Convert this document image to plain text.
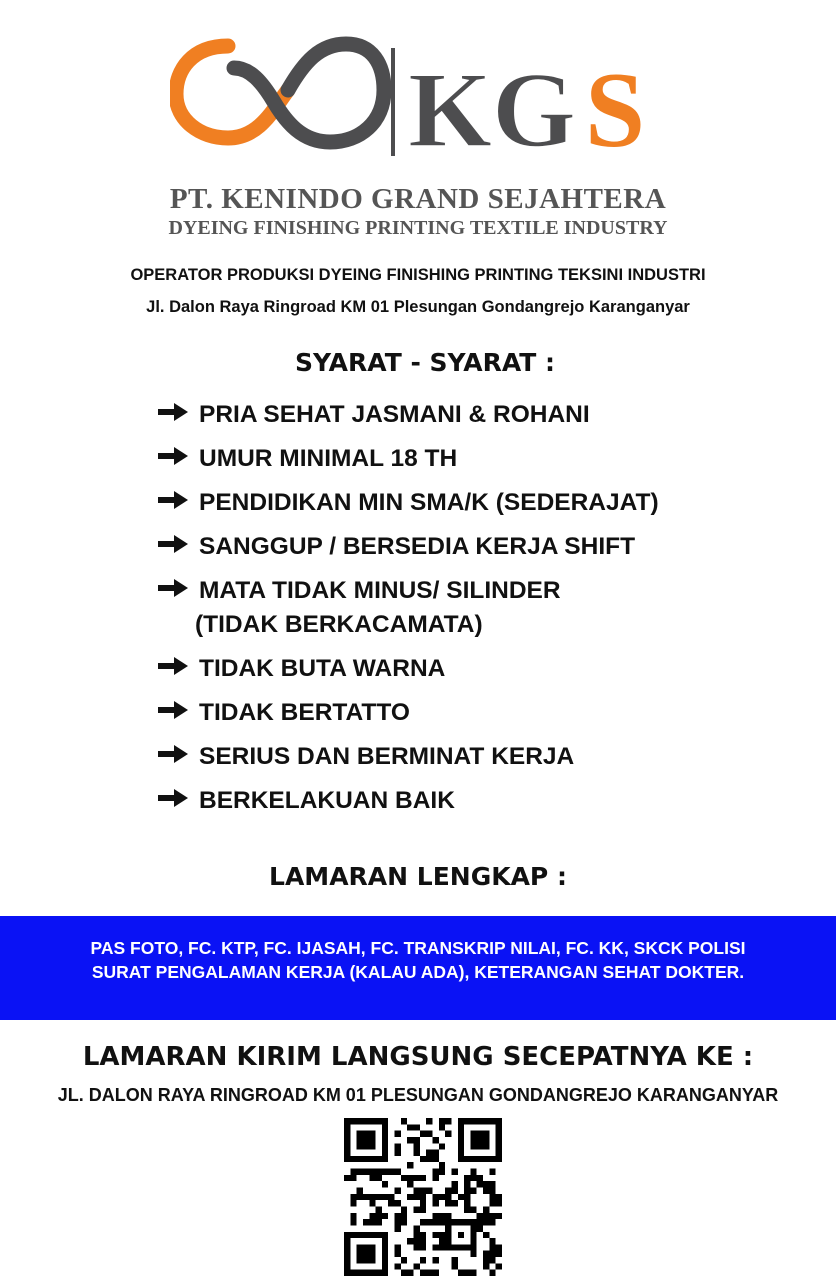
KG S
PT. KENINDO GRAND SEJAHTERA
DYEING FINISHING PRINTING TEXTILE INDUSTRY
OPERATOR PRODUKSI DYEING FINISHING PRINTING TEKSINI INDUSTRI
Jl. Dalon Raya Ringroad KM 01 Plesungan Gondangrejo Karanganyar
SYARAT - SYARAT :
PRIA SEHAT JASMANI & ROHANI
UMUR MINIMAL 18 TH
PENDIDIKAN MIN SMA/K (SEDERAJAT)
SANGGUP / BERSEDIA KERJA SHIFT
MATA TIDAK MINUS/ SILINDER
(TIDAK BERKACAMATA)
TIDAK BUTA WARNA
TIDAK BERTATTO
SERIUS DAN BERMINAT KERJA
BERKELAKUAN BAIK
LAMARAN LENGKAP :
PAS FOTO, FC. KTP, FC. IJASAH, FC. TRANSKRIP NILAI, FC. KK, SKCK POLISI
SURAT PENGALAMAN KERJA (KALAU ADA), KETERANGAN SEHAT DOKTER.
LAMARAN KIRIM LANGSUNG SECEPATNYA KE :
JL. DALON RAYA RINGROAD KM 01 PLESUNGAN GONDANGREJO KARANGANYAR
